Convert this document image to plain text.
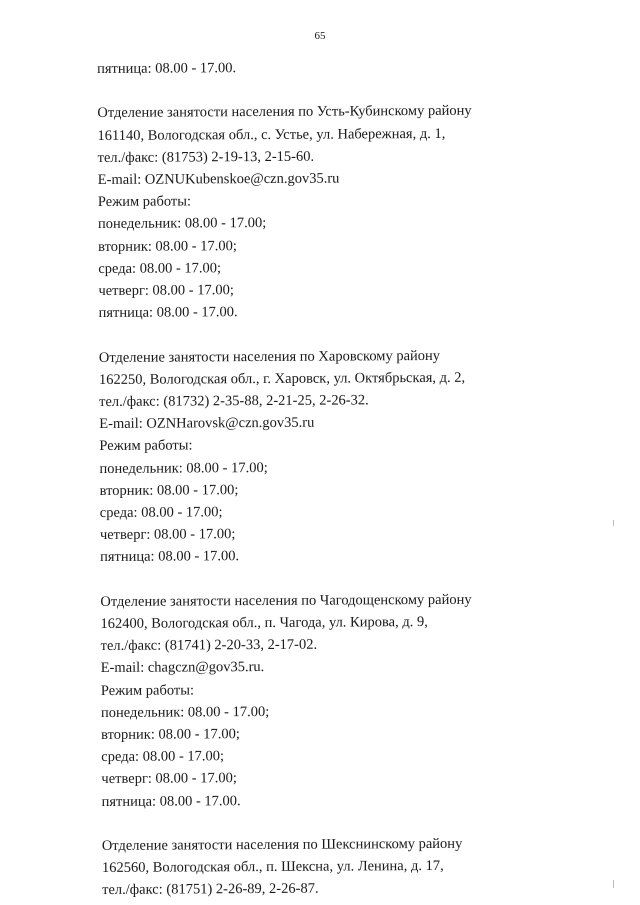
65
пятница: 08.00 - 17.00.
Отделение занятости населения по Усть-Кубинскому району
161140, Вологодская обл., с. Устье, ул. Набережная, д. 1,
тел./факс: (81753) 2-19-13, 2-15-60.
E-mail: OZNUKubenskoe@czn.gov35.ru
Режим работы:
понедельник: 08.00 - 17.00;
вторник: 08.00 - 17.00;
среда: 08.00 - 17.00;
четверг: 08.00 - 17.00;
пятница: 08.00 - 17.00.
Отделение занятости населения по Харовскому району
162250, Вологодская обл., г. Харовск, ул. Октябрьская, д. 2,
тел./факс: (81732) 2-35-88, 2-21-25, 2-26-32.
E-mail: OZNHarovsk@czn.gov35.ru
Режим работы:
понедельник: 08.00 - 17.00;
вторник: 08.00 - 17.00;
среда: 08.00 - 17.00;
четверг: 08.00 - 17.00;
пятница: 08.00 - 17.00.
Отделение занятости населения по Чагодощенскому району
162400, Вологодская обл., п. Чагода, ул. Кирова, д. 9,
тел./факс: (81741) 2-20-33, 2-17-02.
E-mail: chagczn@gov35.ru.
Режим работы:
понедельник: 08.00 - 17.00;
вторник: 08.00 - 17.00;
среда: 08.00 - 17.00;
четверг: 08.00 - 17.00;
пятница: 08.00 - 17.00.
Отделение занятости населения по Шекснинскому району
162560, Вологодская обл., п. Шексна, ул. Ленина, д. 17,
тел./факс: (81751) 2-26-89, 2-26-87.
